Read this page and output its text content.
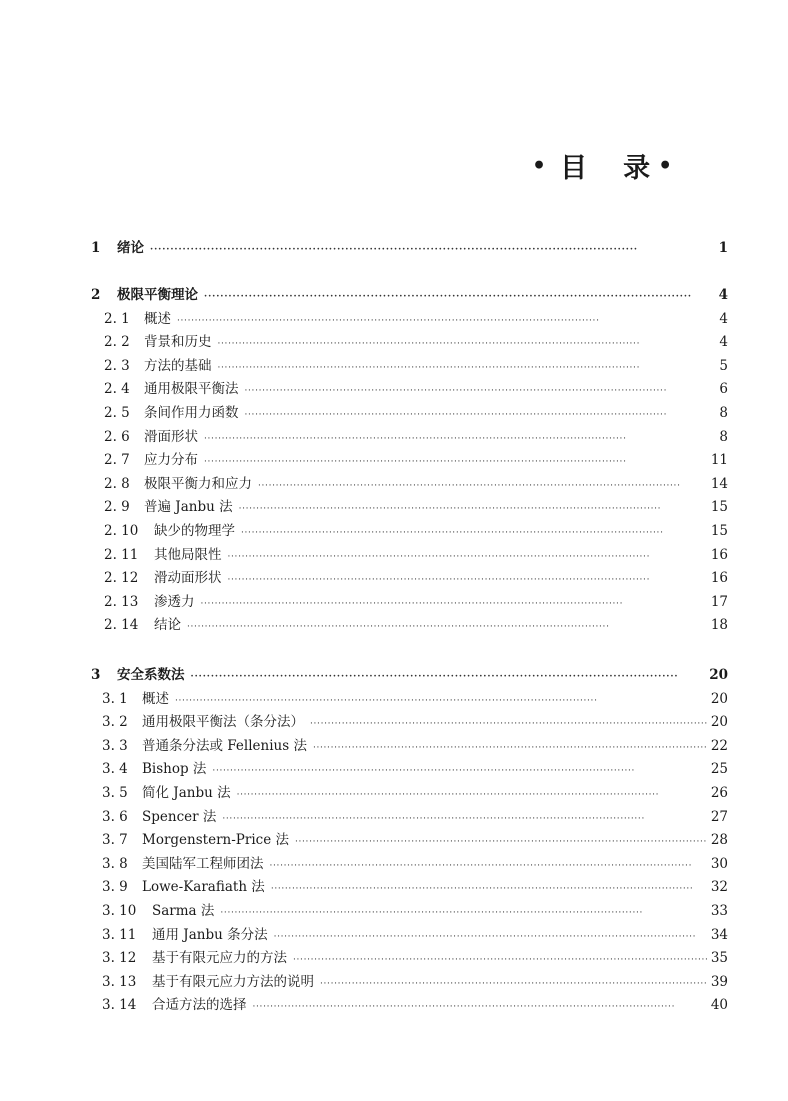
• 目 录 •
1	绪论 · · ·	1
2	极限平衡理论 · · ·	4
2. 1	概述 · · ·	4
2. 2	背景和历史 · · ·	4
2. 3	方法的基础 · · ·	5
2. 4	通用极限平衡法 · · ·	6
2. 5	条间作用力函数 · · ·	8
2. 6	滑面形状 · · ·	8
2. 7	应力分布 · · ·	11
2. 8	极限平衡力和应力 · · ·	14
2. 9	普遍 Janbu 法 · · ·	15
2. 10	缺少的物理学 · · ·	15
2. 11	其他局限性 · · ·	16
2. 12	滑动面形状 · · ·	16
2. 13	渗透力 · · ·	17
2. 14	结论 · · ·	18
3	安全系数法 · · ·	20
3. 1	概述 · · ·	20
3. 2	通用极限平衡法（条分法） · · ·	20
3. 3	普通条分法或 Fellenius 法 · · ·	22
3. 4	Bishop 法 · · ·	25
3. 5	简化 Janbu 法 · · ·	26
3. 6	Spencer 法 · · ·	27
3. 7	Morgenstern-Price 法 · · ·	28
3. 8	美国陆军工程师团法 · · ·	30
3. 9	Lowe-Karafiath 法 · · ·	32
3. 10	Sarma 法 · · ·	33
3. 11	通用 Janbu 条分法 · · ·	34
3. 12	基于有限元应力的方法 · · ·	35
3. 13	基于有限元应力方法的说明 · · ·	39
3. 14	合适方法的选择 · · ·	40
